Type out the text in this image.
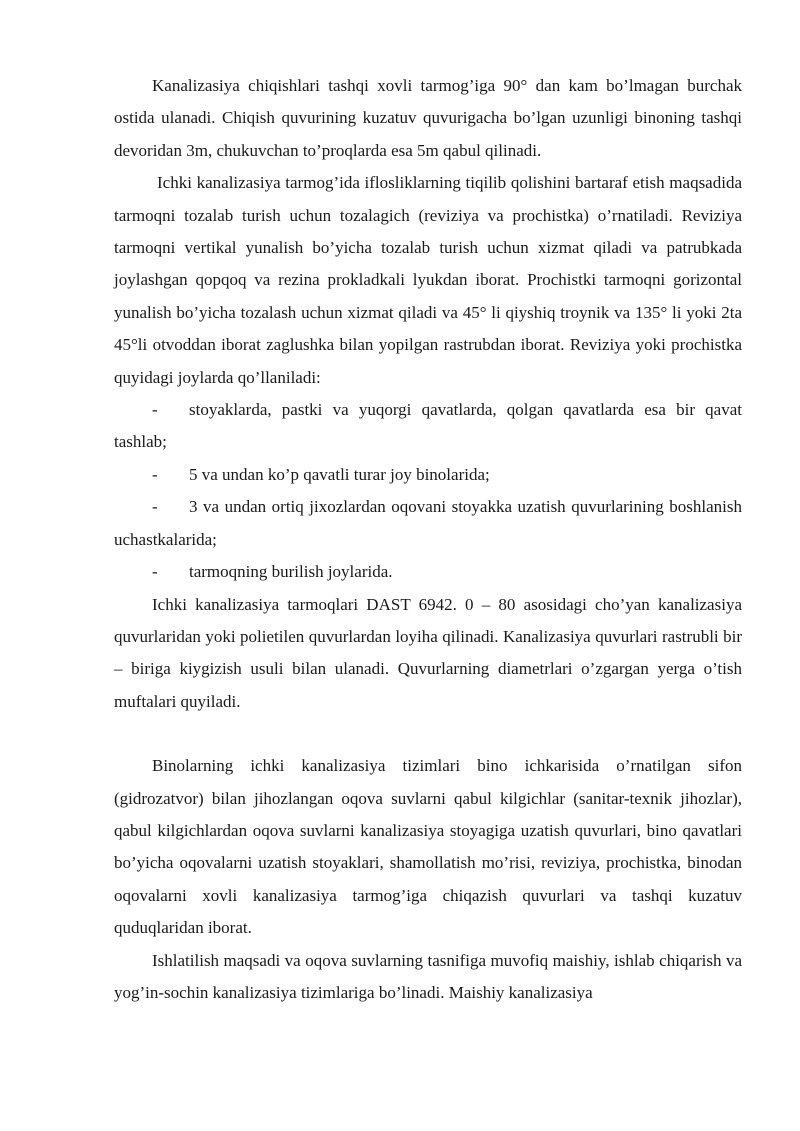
Kanalizasiya chiqishlari tashqi xovli tarmog’iga 90° dan kam bo’lmagan burchak ostida ulanadi. Chiqish quvurining kuzatuv quvurigacha bo’lgan uzunligi binoning tashqi devoridan 3m, chukuvchan to’proqlarda esa 5m qabul qilinadi.

Ichki kanalizasiya tarmog’ida iflosliklarning tiqilib qolishini bartaraf etish maqsadida tarmoqni tozalab turish uchun tozalagich (reviziya va prochistka) o’rnatiladi. Reviziya tarmoqni vertikal yunalish bo’yicha tozalab turish uchun xizmat qiladi va patrubkada joylashgan qopqoq va rezina prokladkali lyukdan iborat. Prochistki tarmoqni gorizontal yunalish bo’yicha tozalash uchun xizmat qiladi va 45° li qiyshiq troynik va 135° li yoki 2ta 45°li otvoddan iborat zaglushka bilan yopilgan rastrubdan iborat. Reviziya yoki prochistka quyidagi joylarda qo’llaniladi:

- stoyaklarda, pastki va yuqorgi qavatlarda, qolgan qavatlarda esa bir qavat tashlab;

- 5 va undan ko’p qavatli turar joy binolarida;

- 3 va undan ortiq jixozlardan oqovani stoyakka uzatish quvurlarining boshlanish uchastkalarida;

- tarmoqning burilish joylarida.

Ichki kanalizasiya tarmoqlari DAST 6942. 0 – 80 asosidagi cho’yan kanalizasiya quvurlaridan yoki polietilen quvurlardan loyiha qilinadi. Kanalizasiya quvurlari rastrubli bir – biriga kiygizish usuli bilan ulanadi. Quvurlarning diametrlari o’zgargan yerga o’tish muftalari quyiladi.

Binolarning ichki kanalizasiya tizimlari bino ichkarisida o’rnatilgan sifon (gidrozatvor) bilan jihozlangan oqova suvlarni qabul kilgichlar (sanitar-texnik jihozlar), qabul kilgichlardan oqova suvlarni kanalizasiya stoyagiga uzatish quvurlari, bino qavatlari bo’yicha oqovalarni uzatish stoyaklari, shamollatish mo’risi, reviziya, prochistka, binodan oqovalarni xovli kanalizasiya tarmog’iga chiqazish quvurlari va tashqi kuzatuv quduqlaridan iborat.

Ishlatilish maqsadi va oqova suvlarning tasnifiga muvofiq maishiy, ishlab chiqarish va yog’in-sochin kanalizasiya tizimlariga bo’linadi. Maishiy kanalizasiya
